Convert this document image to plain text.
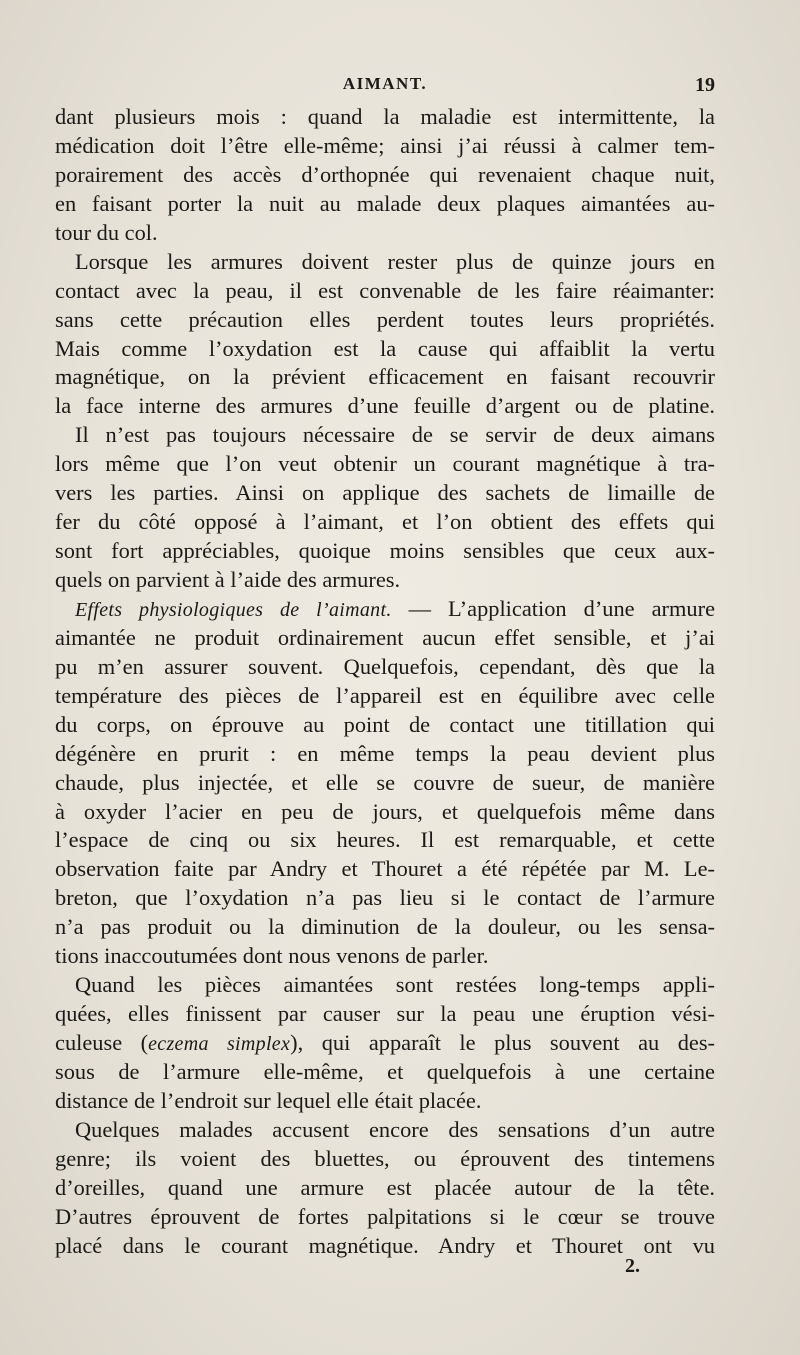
AIMANT.	19
dant plusieurs mois : quand la maladie est intermittente, la
médication doit l’être elle-même; ainsi j’ai réussi à calmer tem-
porairement des accès d’orthopnée qui revenaient chaque nuit,
en faisant porter la nuit au malade deux plaques aimantées au-
tour du col.
Lorsque les armures doivent rester plus de quinze jours en
contact avec la peau, il est convenable de les faire réaimanter:
sans cette précaution elles perdent toutes leurs propriétés.
Mais comme l’oxydation est la cause qui affaiblit la vertu
magnétique, on la prévient efficacement en faisant recouvrir
la face interne des armures d’une feuille d’argent ou de platine.
Il n’est pas toujours nécessaire de se servir de deux aimans
lors même que l’on veut obtenir un courant magnétique à tra-
vers les parties. Ainsi on applique des sachets de limaille de
fer du côté opposé à l’aimant, et l’on obtient des effets qui
sont fort appréciables, quoique moins sensibles que ceux aux-
quels on parvient à l’aide des armures.
Effets physiologiques de l’aimant. — L’application d’une armure
aimantée ne produit ordinairement aucun effet sensible, et j’ai
pu m’en assurer souvent. Quelquefois, cependant, dès que la
température des pièces de l’appareil est en équilibre avec celle
du corps, on éprouve au point de contact une titillation qui
dégénère en prurit : en même temps la peau devient plus
chaude, plus injectée, et elle se couvre de sueur, de manière
à oxyder l’acier en peu de jours, et quelquefois même dans
l’espace de cinq ou six heures. Il est remarquable, et cette
observation faite par Andry et Thouret a été répétée par M. Le-
breton, que l’oxydation n’a pas lieu si le contact de l’armure
n’a pas produit ou la diminution de la douleur, ou les sensa-
tions inaccoutumées dont nous venons de parler.
Quand les pièces aimantées sont restées long-temps appli-
quées, elles finissent par causer sur la peau une éruption vési-
culeuse (eczema simplex), qui apparaît le plus souvent au des-
sous de l’armure elle-même, et quelquefois à une certaine
distance de l’endroit sur lequel elle était placée.
Quelques malades accusent encore des sensations d’un autre
genre; ils voient des bluettes, ou éprouvent des tintemens
d’oreilles, quand une armure est placée autour de la tête.
D’autres éprouvent de fortes palpitations si le cœur se trouve
placé dans le courant magnétique. Andry et Thouret ont vu
2.
